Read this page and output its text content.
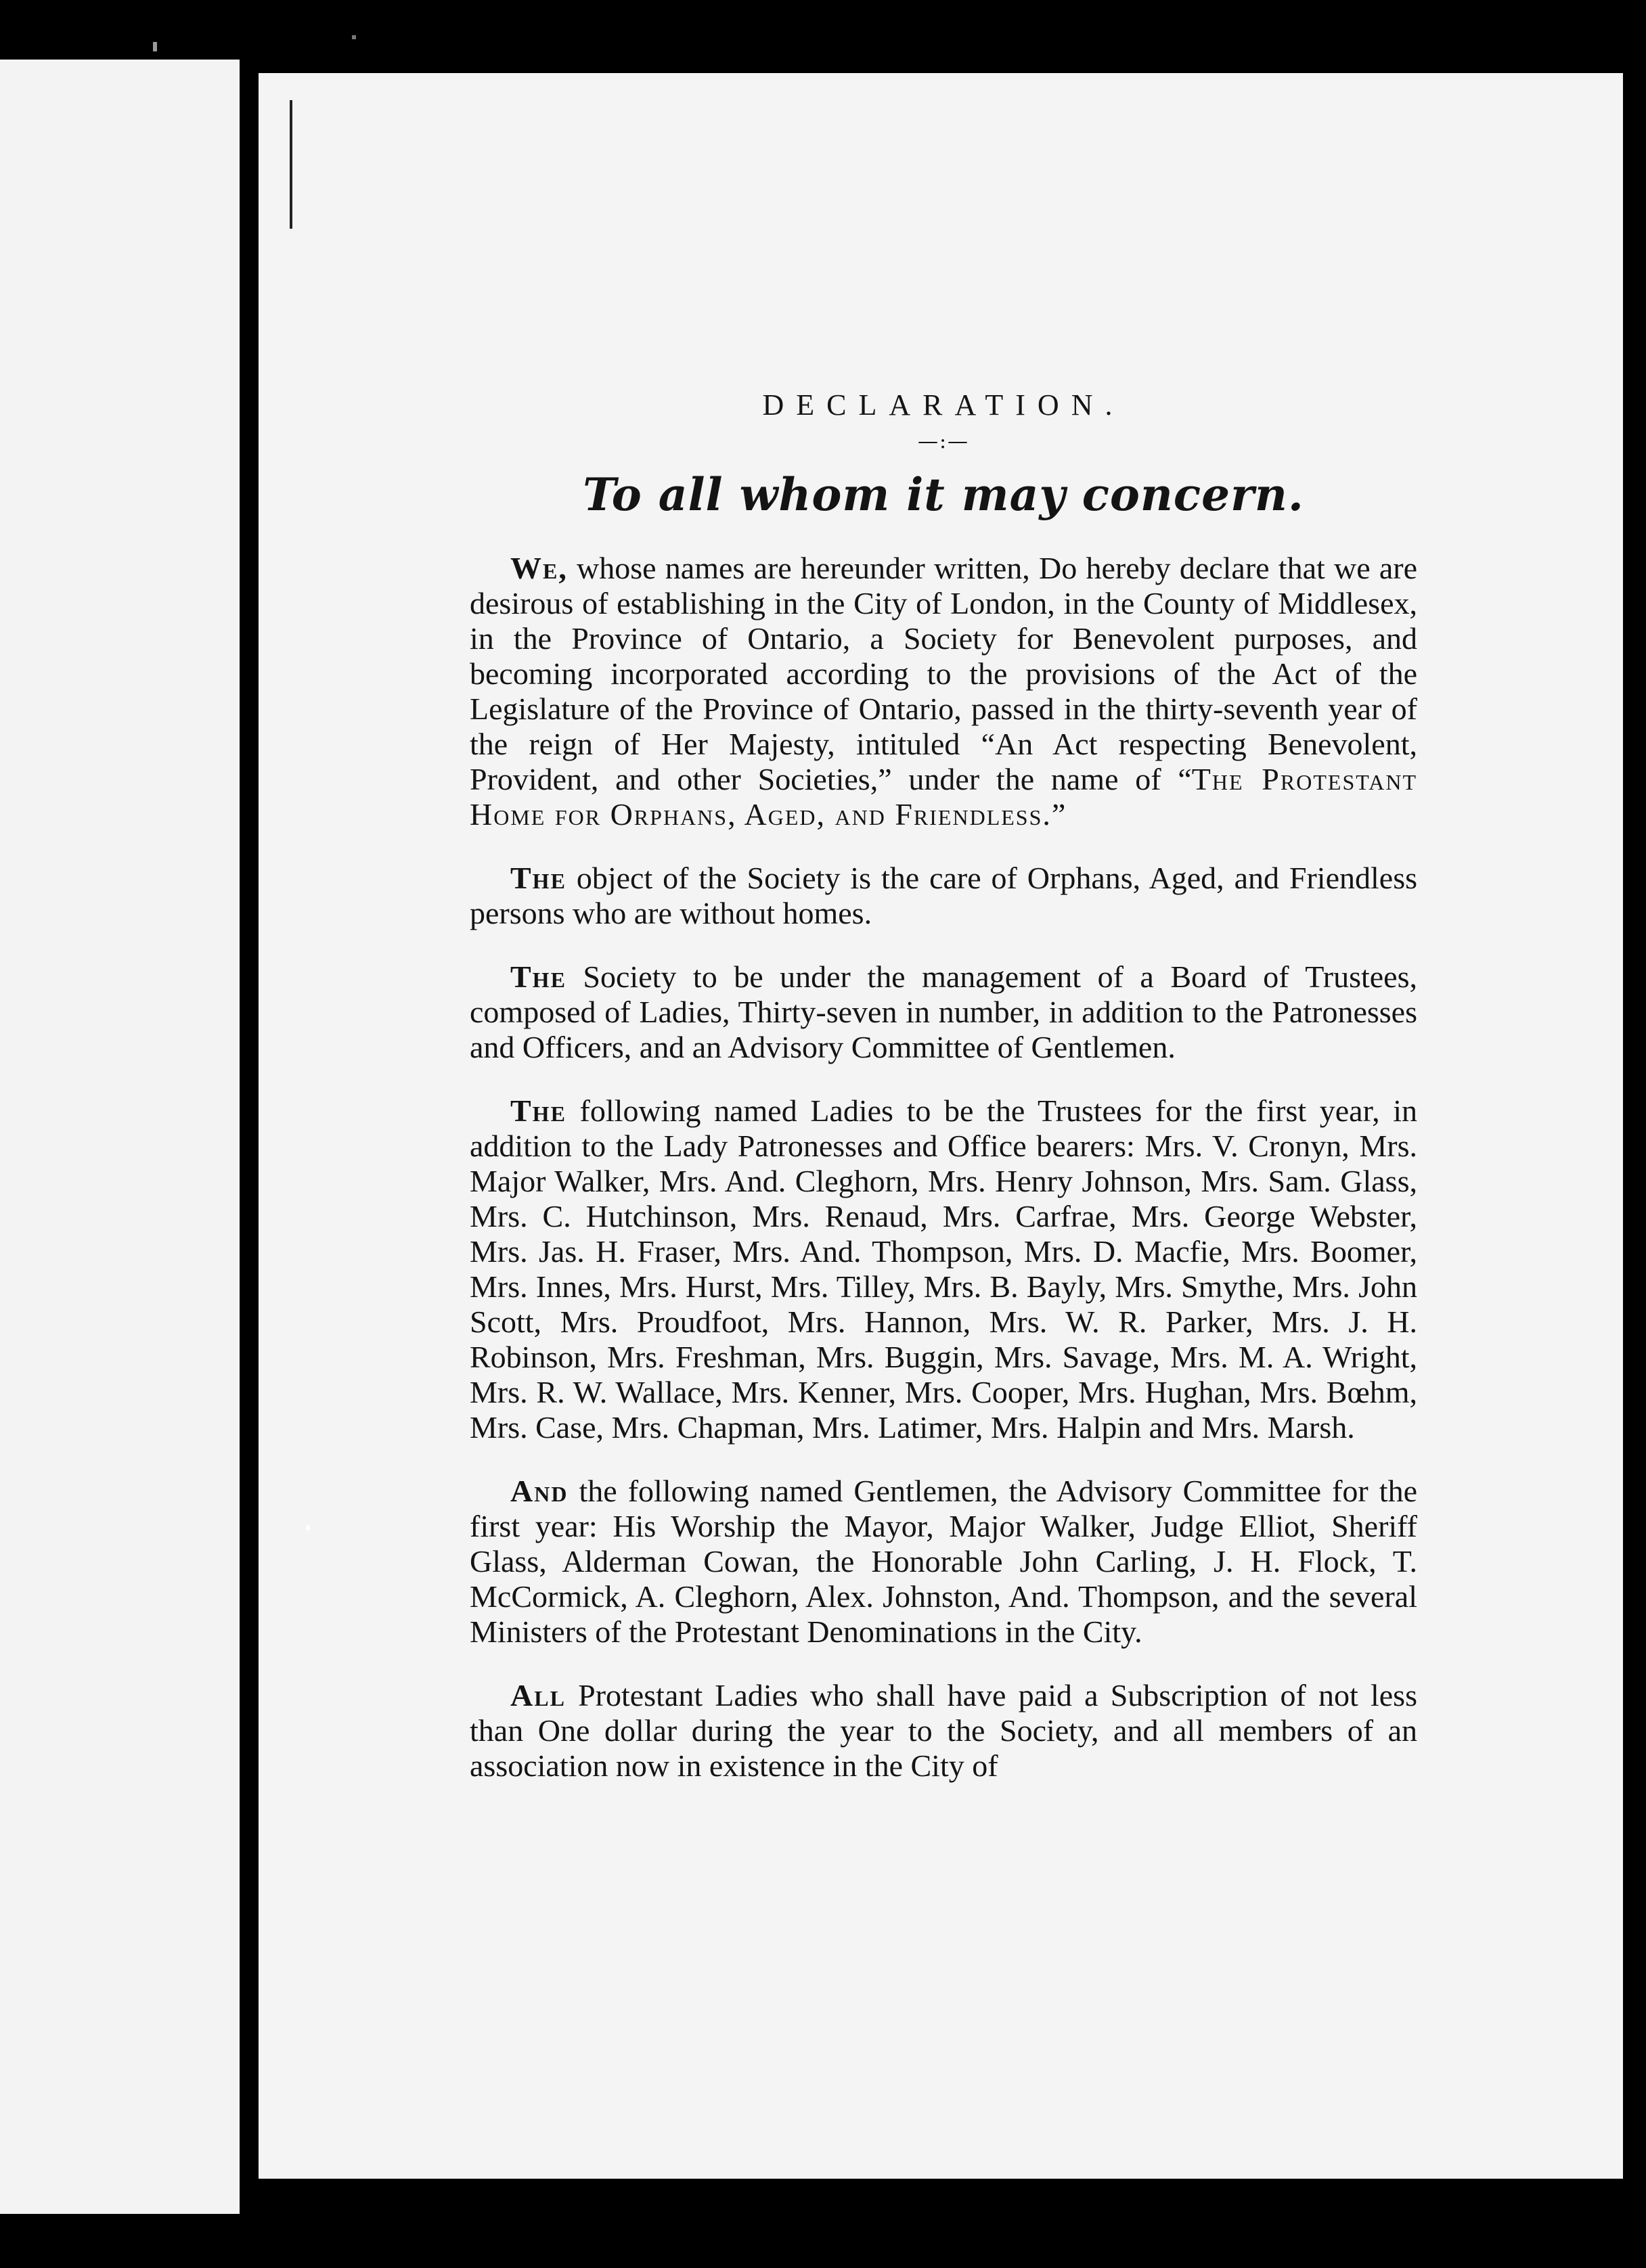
DECLARATION.
—:—
To all whom it may concern.

We, whose names are hereunder written, Do hereby declare that we are desirous of establishing in the City of London, in the County of Middlesex, in the Province of Ontario, a Society for Benevolent purposes, and becoming incorporated according to the provisions of the Act of the Legislature of the Province of Ontario, passed in the thirty-seventh year of the reign of Her Majesty, intituled “An Act respecting Benevolent, Provident, and other Societies,” under the name of “The Protestant Home for Orphans, Aged, and Friendless.”

The object of the Society is the care of Orphans, Aged, and Friendless persons who are without homes.

The Society to be under the management of a Board of Trustees, composed of Ladies, Thirty-seven in number, in addition to the Patronesses and Officers, and an Advisory Committee of Gentlemen.

The following named Ladies to be the Trustees for the first year, in addition to the Lady Patronesses and Office bearers: Mrs. V. Cronyn, Mrs. Major Walker, Mrs. And. Cleghorn, Mrs. Henry Johnson, Mrs. Sam. Glass, Mrs. C. Hutchinson, Mrs. Renaud, Mrs. Carfrae, Mrs. George Webster, Mrs. Jas. H. Fraser, Mrs. And. Thompson, Mrs. D. Macfie, Mrs. Boomer, Mrs. Innes, Mrs. Hurst, Mrs. Tilley, Mrs. B. Bayly, Mrs. Smythe, Mrs. John Scott, Mrs. Proudfoot, Mrs. Hannon, Mrs. W. R. Parker, Mrs. J. H. Robinson, Mrs. Freshman, Mrs. Buggin, Mrs. Savage, Mrs. M. A. Wright, Mrs. R. W. Wallace, Mrs. Kenner, Mrs. Cooper, Mrs. Hughan, Mrs. Bœhm, Mrs. Case, Mrs. Chapman, Mrs. Latimer, Mrs. Halpin and Mrs. Marsh.

And the following named Gentlemen, the Advisory Committee for the first year: His Worship the Mayor, Major Walker, Judge Elliot, Sheriff Glass, Alderman Cowan, the Honorable John Carling, J. H. Flock, T. McCormick, A. Cleghorn, Alex. Johnston, And. Thompson, and the several Ministers of the Protestant Denominations in the City.

All Protestant Ladies who shall have paid a Subscription of not less than One dollar during the year to the Society, and all members of an association now in existence in the City of
